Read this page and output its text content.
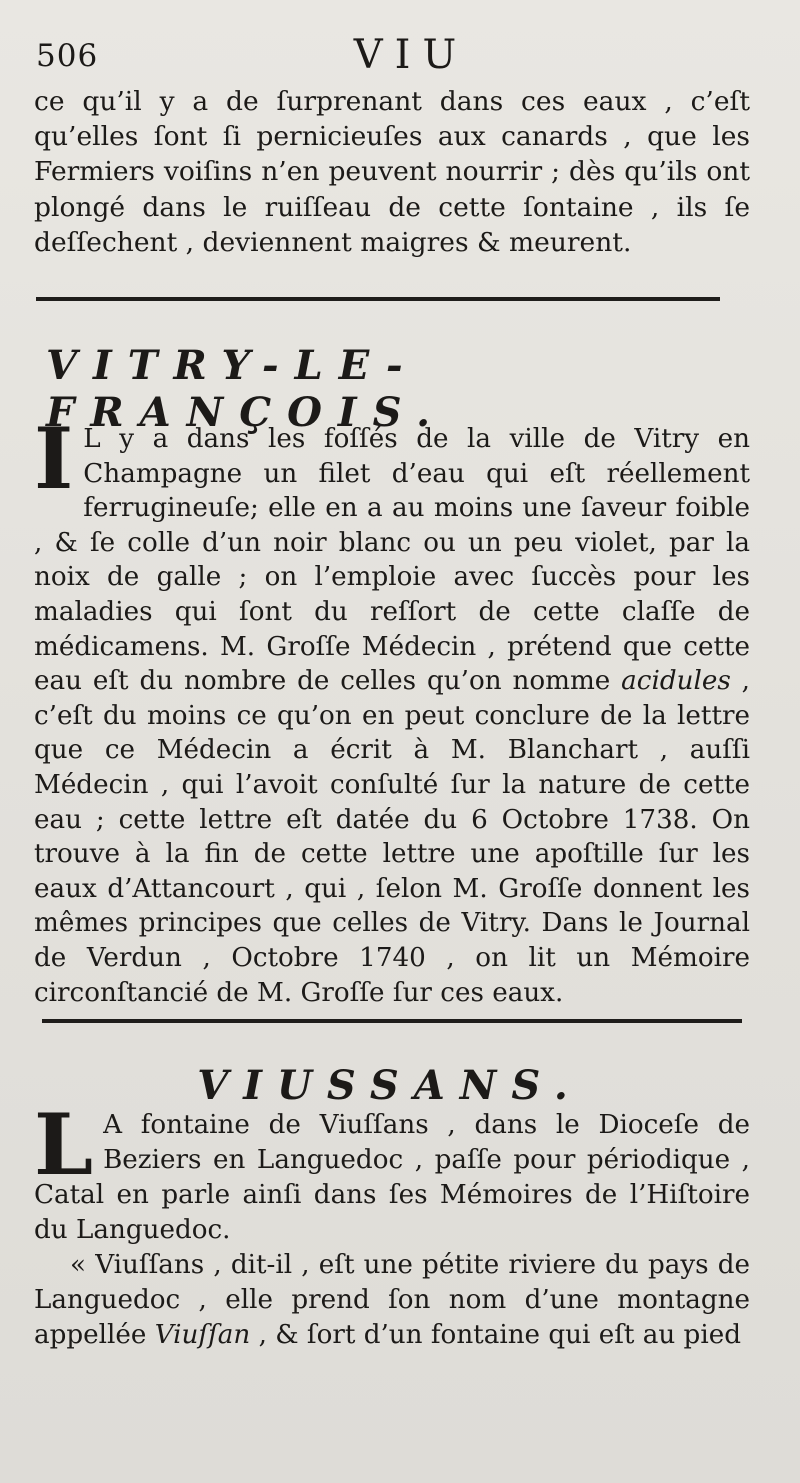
506	VIU
ce qu’il y a de ſurprenant dans ces eaux , c’eſt qu’elles ſont ſi pernicieuſes aux canards , que les Fermiers voiſins n’en peuvent nourrir ; dès qu’ils ont plongé dans le ruiſſeau de cette ſontaine , ils ſe deſſechent , deviennent maigres & meurent.
VITRY-LE-FRANÇOIS.
I L y a dans les foſſés de la ville de Vitry en Champagne un filet d’eau qui eſt réellement ferrugineuſe; elle en a au moins une ſaveur foible , & ſe colle d’un noir blanc ou un peu violet, par la noix de galle ; on l’emploie avec ſuccès pour les maladies qui ſont du reſſort de cette claſſe de médicamens. M. Groſſe Médecin , prétend que cette eau eſt du nombre de celles qu’on nomme acidules , c’eſt du moins ce qu’on en peut conclure de la lettre que ce Médecin a écrit à M. Blanchart , auſſi Médecin , qui l’avoit conſulté ſur la nature de cette eau ; cette lettre eſt datée du 6 Octobre 1738. On trouve à la fin de cette lettre une apoſtille ſur les eaux d’Attancourt , qui , ſelon M. Groſſe donnent les mêmes principes que celles de Vitry. Dans le Journal de Verdun , Octobre 1740 , on lit un Mémoire circonſtancié de M. Groſſe ſur ces eaux.
VIUSSANS.
L A fontaine de Viuſſans , dans le Dioceſe de Beziers en Languedoc , paſſe pour périodique , Catal en parle ainſi dans ſes Mémoires de l’Hiſtoire du Languedoc.
« Viuſſans , dit-il , eſt une pétite riviere du pays de Languedoc , elle prend ſon nom d’une montagne appellée Viuſſan , & ſort d’un fontaine qui eſt au pied
